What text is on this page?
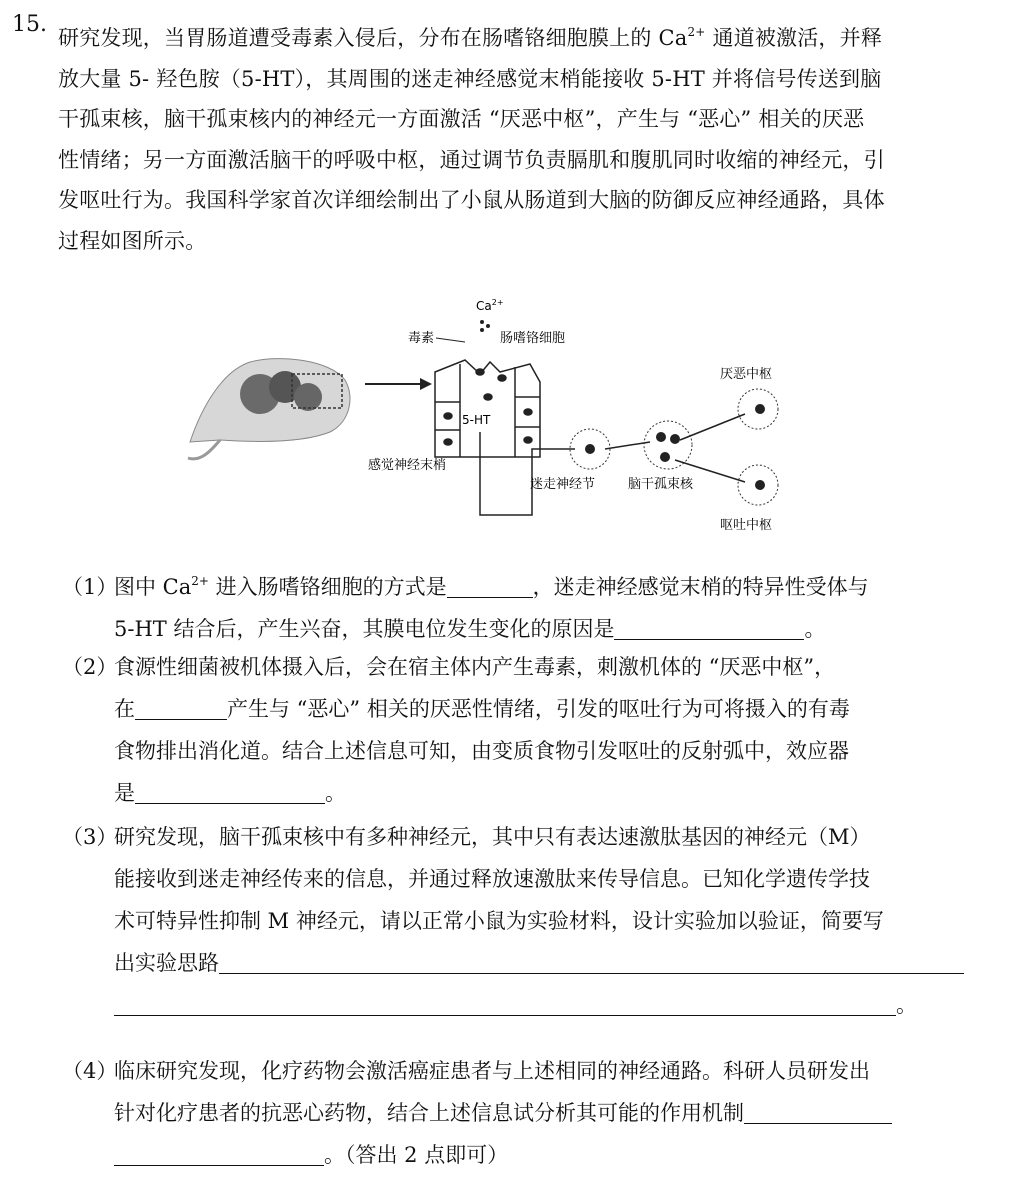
15.
研究发现，当胃肠道遭受毒素入侵后，分布在肠嗜铬细胞膜上的 $Ca^{2+}$ 通道被激活，并释
放大量 5- 羟色胺（5-HT），其周围的迷走神经感觉末梢能接收 5-HT 并将信号传送到脑
干孤束核，脑干孤束核内的神经元一方面激活 “厌恶中枢”，产生与 “恶心” 相关的厌恶
性情绪；另一方面激活脑干的呼吸中枢，通过调节负责膈肌和腹肌同时收缩的神经元，引
发呕吐行为。我国科学家首次详细绘制出了小鼠从肠道到大脑的防御反应神经通路，具体
过程如图所示。
$Ca^{2+}$
毒素	肠嗜铬细胞
5-HT
感觉神经末梢
迷走神经节	脑干孤束核
厌恶中枢
呕吐中枢
（1）图中 $Ca^{2+}$ 进入肠嗜铬细胞的方式是	，迷走神经感觉末梢的特异性受体与
5-HT 结合后，产生兴奋，其膜电位发生变化的原因是	。
（2）食源性细菌被机体摄入后，会在宿主体内产生毒素，刺激机体的 “厌恶中枢”，
在	产生与 “恶心” 相关的厌恶性情绪，引发的呕吐行为可将摄入的有毒
食物排出消化道。结合上述信息可知，由变质食物引发呕吐的反射弧中，效应器
是	。
（3）研究发现，脑干孤束核中有多种神经元，其中只有表达速激肽基因的神经元（M）
能接收到迷走神经传来的信息，并通过释放速激肽来传导信息。已知化学遗传学技
术可特异性抑制 M 神经元，请以正常小鼠为实验材料，设计实验加以验证，简要写
出实验思路
。
（4）临床研究发现，化疗药物会激活癌症患者与上述相同的神经通路。科研人员研发出
针对化疗患者的抗恶心药物，结合上述信息试分析其可能的作用机制
。（答出 2 点即可）
